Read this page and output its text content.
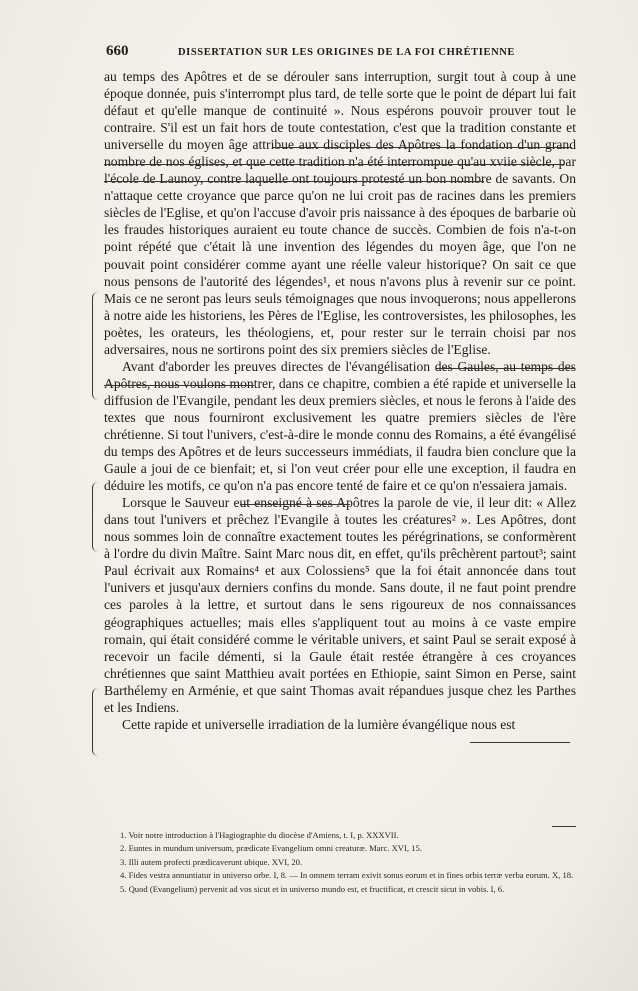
660	DISSERTATION SUR LES ORIGINES DE LA FOI CHRÉTIENNE

au temps des Apôtres et de se dérouler sans interruption, surgit tout à coup à une époque donnée, puis s'interrompt plus tard, de telle sorte que le point de départ lui fait défaut et qu'elle manque de continuité ». Nous espérons pouvoir prouver tout le contraire. S'il est un fait hors de toute contestation, c'est que la tradition constante et universelle du moyen âge attribue aux disciples des Apôtres la fondation d'un grand nombre de nos églises, et que cette tradition n'a été interrompue qu'au xviie siècle, par l'école de Launoy, contre laquelle ont toujours protesté un bon nombre de savants. On n'attaque cette croyance que parce qu'on ne lui croit pas de racines dans les premiers siècles de l'Eglise, et qu'on l'accuse d'avoir pris naissance à des époques de barbarie où les fraudes historiques auraient eu toute chance de succès. Combien de fois n'a-t-on point répété que c'était là une invention des légendes du moyen âge, que l'on ne pouvait point considérer comme ayant une réelle valeur historique? On sait ce que nous pensons de l'autorité des légendes¹, et nous n'avons plus à revenir sur ce point. Mais ce ne seront pas leurs seuls témoignages que nous invoquerons; nous appellerons à notre aide les historiens, les Pères de l'Eglise, les controversistes, les philosophes, les poètes, les orateurs, les théologiens, et, pour rester sur le terrain choisi par nos adversaires, nous ne sortirons point des six premiers siècles de l'Eglise.

Avant d'aborder les preuves directes de l'évangélisation des Gaules, au temps des Apôtres, nous voulons montrer, dans ce chapitre, combien a été rapide et universelle la diffusion de l'Evangile, pendant les deux premiers siècles, et nous le ferons à l'aide des textes que nous fourniront exclusivement les quatre premiers siècles de l'ère chrétienne. Si tout l'univers, c'est-à-dire le monde connu des Romains, a été évangélisé du temps des Apôtres et de leurs successeurs immédiats, il faudra bien conclure que la Gaule a joui de ce bienfait; et, si l'on veut créer pour elle une exception, il faudra en déduire les motifs, ce qu'on n'a pas encore tenté de faire et ce qu'on n'essaiera jamais.

Lorsque le Sauveur eut enseigné à ses Apôtres la parole de vie, il leur dit: « Allez dans tout l'univers et prêchez l'Evangile à toutes les créatures² ». Les Apôtres, dont nous sommes loin de connaître exactement toutes les pérégrinations, se conformèrent à l'ordre du divin Maître. Saint Marc nous dit, en effet, qu'ils prêchèrent partout³; saint Paul écrivait aux Romains⁴ et aux Colossiens⁵ que la foi était annoncée dans tout l'univers et jusqu'aux derniers confins du monde. Sans doute, il ne faut point prendre ces paroles à la lettre, et surtout dans le sens rigoureux de nos connaissances géographiques actuelles; mais elles s'appliquent tout au moins à ce vaste empire romain, qui était considéré comme le véritable univers, et saint Paul se serait exposé à recevoir un facile démenti, si la Gaule était restée étrangère à ces croyances chrétiennes que saint Matthieu avait portées en Ethiopie, saint Simon en Perse, saint Barthélemy en Arménie, et que saint Thomas avait répandues jusque chez les Parthes et les Indiens.

Cette rapide et universelle irradiation de la lumière évangélique nous est

1. Voir notre introduction à l'Hagiographie du diocèse d'Amiens, t. I, p. XXXVII.
2. Euntes in mundum universum, prædicate Evangelium omni creaturæ. Marc. XVI, 15.
3. Illi autem profecti prædicaverunt ubique. XVI, 20.
4. Fides vestra annuntiatur in universo orbe. I, 8. — In omnem terram exivit sonus eorum et in fines orbis terræ verba eorum. X, 18.
5. Quod (Evangelium) pervenit ad vos sicut et in universo mundo est, et fructificat, et crescit sicut in vobis. I, 6.
